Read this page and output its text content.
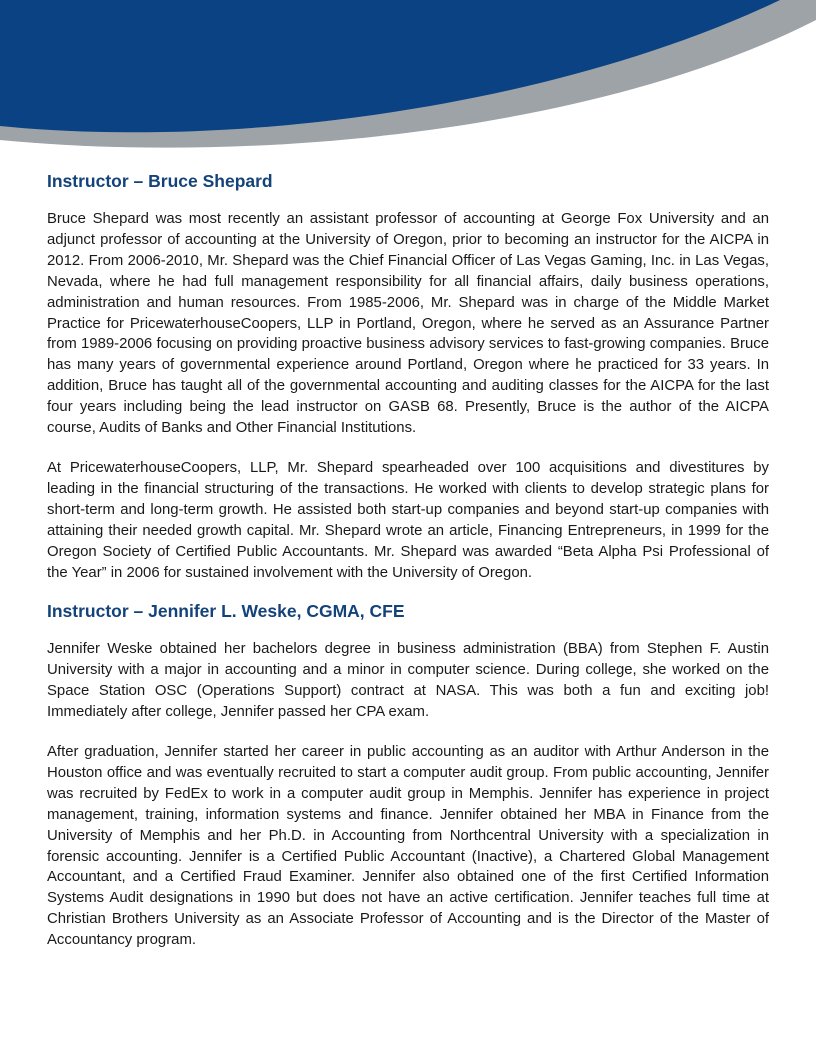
Instructor – Bruce Shepard

Bruce Shepard was most recently an assistant professor of accounting at George Fox University and an adjunct professor of accounting at the University of Oregon, prior to becoming an instructor for the AICPA in 2012. From 2006-2010, Mr. Shepard was the Chief Financial Officer of Las Vegas Gaming, Inc. in Las Vegas, Nevada, where he had full management responsibility for all financial affairs, daily business operations, administration and human resources. From 1985-2006, Mr. Shepard was in charge of the Middle Market Practice for PricewaterhouseCoopers, LLP in Portland, Oregon, where he served as an Assurance Partner from 1989-2006 focusing on providing proactive business advisory services to fast-growing companies. Bruce has many years of governmental experience around Portland, Oregon where he practiced for 33 years. In addition, Bruce has taught all of the governmental accounting and auditing classes for the AICPA for the last four years including being the lead instructor on GASB 68. Presently, Bruce is the author of the AICPA course, Audits of Banks and Other Financial Institutions.

At PricewaterhouseCoopers, LLP, Mr. Shepard spearheaded over 100 acquisitions and divestitures by leading in the financial structuring of the transactions. He worked with clients to develop strategic plans for short-term and long-term growth. He assisted both start-up companies and beyond start-up companies with attaining their needed growth capital. Mr. Shepard wrote an article, Financing Entrepreneurs, in 1999 for the Oregon Society of Certified Public Accountants. Mr. Shepard was awarded “Beta Alpha Psi Professional of the Year” in 2006 for sustained involvement with the University of Oregon.

Instructor – Jennifer L. Weske, CGMA, CFE

Jennifer Weske obtained her bachelors degree in business administration (BBA) from Stephen F. Austin University with a major in accounting and a minor in computer science. During college, she worked on the Space Station OSC (Operations Support) contract at NASA. This was both a fun and exciting job! Immediately after college, Jennifer passed her CPA exam.

After graduation, Jennifer started her career in public accounting as an auditor with Arthur Anderson in the Houston office and was eventually recruited to start a computer audit group. From public accounting, Jennifer was recruited by FedEx to work in a computer audit group in Memphis. Jennifer has experience in project management, training, information systems and finance. Jennifer obtained her MBA in Finance from the University of Memphis and her Ph.D. in Accounting from Northcentral University with a specialization in forensic accounting. Jennifer is a Certified Public Accountant (Inactive), a Chartered Global Management Accountant, and a Certified Fraud Examiner. Jennifer also obtained one of the first Certified Information Systems Audit designations in 1990 but does not have an active certification. Jennifer teaches full time at Christian Brothers University as an Associate Professor of Accounting and is the Director of the Master of Accountancy program.
